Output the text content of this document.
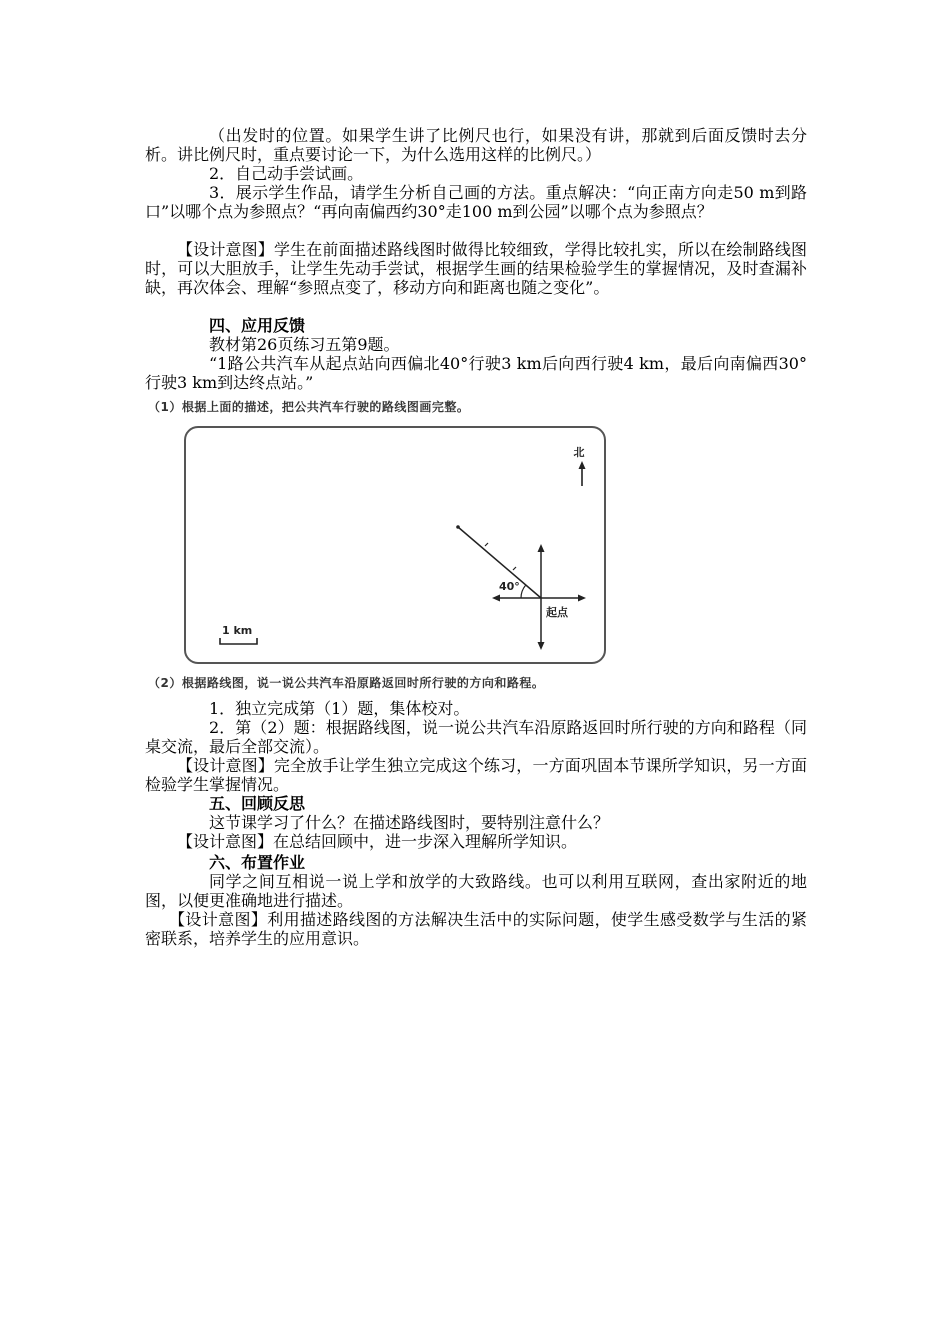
（出发时的位置。如果学生讲了比例尺也行，如果没有讲，那就到后面反馈时去分析。讲比例尺时，重点要讨论一下，为什么选用这样的比例尺。）
2．自己动手尝试画。
3．展示学生作品，请学生分析自己画的方法。重点解决：“向正南方向走50 m到路口”以哪个点为参照点？“再向南偏西约30°走100 m到公园”以哪个点为参照点？
【设计意图】学生在前面描述路线图时做得比较细致，学得比较扎实，所以在绘制路线图时，可以大胆放手，让学生先动手尝试，根据学生画的结果检验学生的掌握情况，及时查漏补缺，再次体会、理解“参照点变了，移动方向和距离也随之变化”。
四、应用反馈
教材第26页练习五第9题。
“1路公共汽车从起点站向西偏北40°行驶3 km后向西行驶4 km，最后向南偏西30°行驶3 km到达终点站。”
（1）根据上面的描述，把公共汽车行驶的路线图画完整。
北
40°
起点
1 km
（2）根据路线图，说一说公共汽车沿原路返回时所行驶的方向和路程。
1．独立完成第（1）题，集体校对。
2．第（2）题：根据路线图，说一说公共汽车沿原路返回时所行驶的方向和路程（同桌交流，最后全部交流）。
【设计意图】完全放手让学生独立完成这个练习，一方面巩固本节课所学知识，另一方面检验学生掌握情况。
五、回顾反思
这节课学习了什么？在描述路线图时，要特别注意什么？
【设计意图】在总结回顾中，进一步深入理解所学知识。
六、布置作业
同学之间互相说一说上学和放学的大致路线。也可以利用互联网，查出家附近的地图，以便更准确地进行描述。
【设计意图】利用描述路线图的方法解决生活中的实际问题，使学生感受数学与生活的紧密联系，培养学生的应用意识。
